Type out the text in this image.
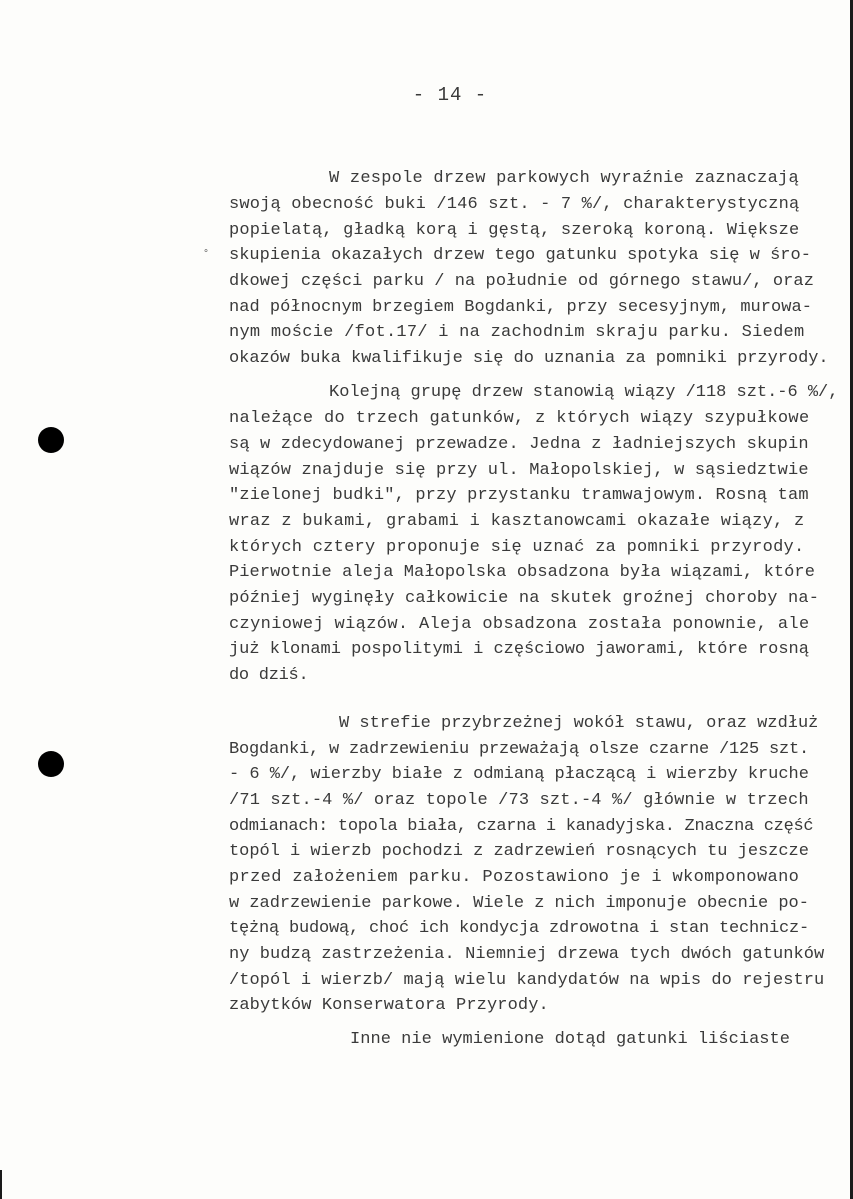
- 14 -
°
W zespole drzew parkowych wyraźnie zaznaczają
swoją obecność buki /146 szt. - 7 %/, charakterystyczną
popielatą, gładką korą i gęstą, szeroką koroną. Większe
skupienia okazałych drzew tego gatunku spotyka się w śro-
dkowej części parku / na południe od górnego stawu/, oraz
nad północnym brzegiem Bogdanki, przy secesyjnym, murowa-
nym moście /fot.17/ i na zachodnim skraju parku. Siedem
okazów buka kwalifikuje się do uznania za pomniki przyrody.
Kolejną grupę drzew stanowią wiązy /118 szt.-6 %/,
należące do trzech gatunków, z których wiązy szypułkowe
są w zdecydowanej przewadze. Jedna z ładniejszych skupin
wiązów znajduje się przy ul. Małopolskiej, w sąsiedztwie
"zielonej budki", przy przystanku tramwajowym. Rosną tam
wraz z bukami, grabami i kasztanowcami okazałe wiązy, z
których cztery proponuje się uznać za pomniki przyrody.
Pierwotnie aleja Małopolska obsadzona była wiązami, które
później wyginęły całkowicie na skutek groźnej choroby na-
czyniowej wiązów. Aleja obsadzona została ponownie, ale
już klonami pospolitymi i częściowo jaworami, które rosną
do dziś.
W strefie przybrzeżnej wokół stawu, oraz wzdłuż
Bogdanki, w zadrzewieniu przeważają olsze czarne /125 szt.
- 6 %/, wierzby białe z odmianą płaczącą i wierzby kruche
/71 szt.-4 %/ oraz topole /73 szt.-4 %/ głównie w trzech
odmianach: topola biała, czarna i kanadyjska. Znaczna część
topól i wierzb pochodzi z zadrzewień rosnących tu jeszcze
przed założeniem parku. Pozostawiono je i wkomponowano
w zadrzewienie parkowe. Wiele z nich imponuje obecnie po-
tężną budową, choć ich kondycja zdrowotna i stan technicz-
ny budzą zastrzeżenia. Niemniej drzewa tych dwóch gatunków
/topól i wierzb/ mają wielu kandydatów na wpis do rejestru
zabytków Konserwatora Przyrody.
Inne nie wymienione dotąd gatunki liściaste
